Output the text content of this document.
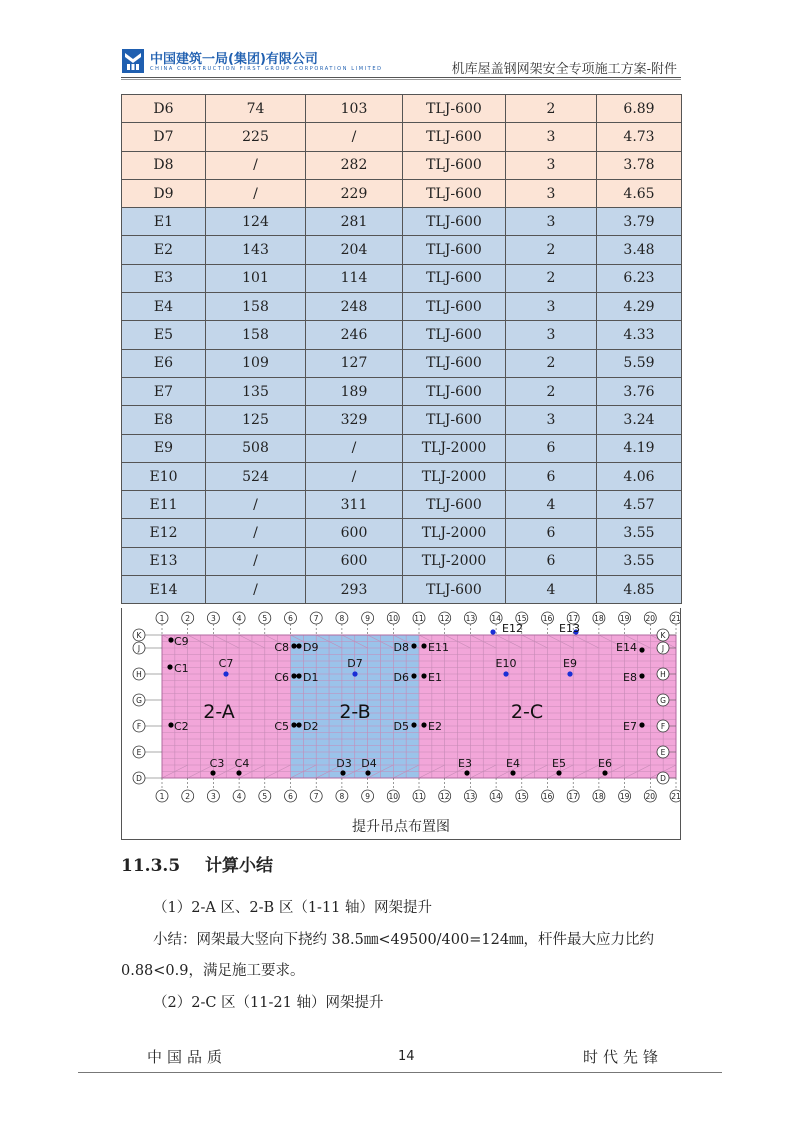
中国建筑一局(集团)有限公司
CHINA CONSTRUCTION FIRST GROUP CORPORATION LIMITED	机库屋盖钢网架安全专项施工方案-附件
D6	74	103	TLJ-600	2	6.89
D7	225	/	TLJ-600	3	4.73
D8	/	282	TLJ-600	3	3.78
D9	/	229	TLJ-600	3	4.65
E1	124	281	TLJ-600	3	3.79
E2	143	204	TLJ-600	2	3.48
E3	101	114	TLJ-600	2	6.23
E4	158	248	TLJ-600	3	4.29
E5	158	246	TLJ-600	3	4.33
E6	109	127	TLJ-600	2	5.59
E7	135	189	TLJ-600	2	3.76
E8	125	329	TLJ-600	3	3.24
E9	508	/	TLJ-2000	6	4.19
E10	524	/	TLJ-2000	6	4.06
E11	/	311	TLJ-600	4	4.57
E12	/	600	TLJ-2000	6	3.55
E13	/	600	TLJ-2000	6	3.55
E14	/	293	TLJ-600	4	4.85
1
1
2
2
3
3
4
4
5
5
6
6
7
7
8
8
9
9
10
10
11
11
12
12
13
13
14
14
15
15
16
16
17
17
18
18
19
19
20
20
21
21
K	K
J	J
H	H
G	G
F	F
E	E
D	D
2-A	2-B	2-C
C9
C1	C7
C2
C3 C4
C8
C6
C5
D9
D1
D2
D7
D3 D4
D8
D6
D5
E11
E1
E2
E12	E13
E10	E9
E14
E8
E7
E3	E4	E5	E6
提升吊点布置图
11.3.5 计算小结
（1）2-A 区、2-B 区（1-11 轴）网架提升
小结：网架最大竖向下挠约 38.5㎜<49500/400=124㎜，杆件最大应力比约
0.88<0.9，满足施工要求。
（2）2-C 区（11-21 轴）网架提升
中国品质	14	时代先锋
